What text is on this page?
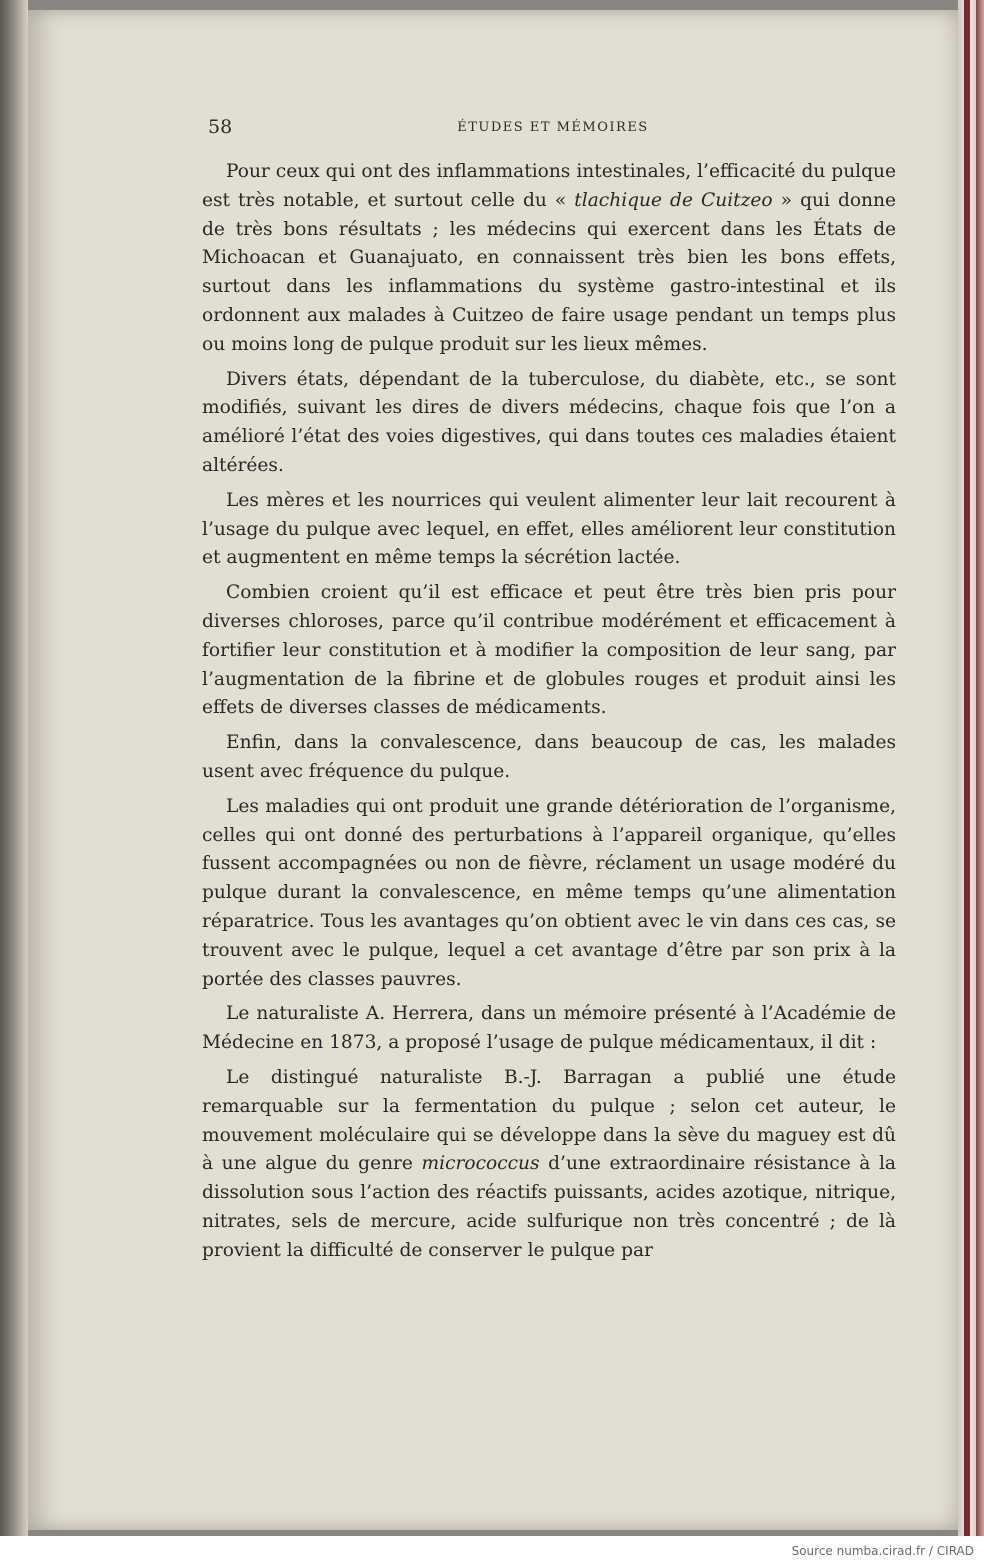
58	ÉTUDES ET MÉMOIRES

Pour ceux qui ont des inflammations intestinales, l’efficacité du pulque est très notable, et surtout celle du « tlachique de Cuitzeo » qui donne de très bons résultats ; les médecins qui exercent dans les États de Michoacan et Guanajuato, en connaissent très bien les bons effets, surtout dans les inflammations du système gastro-intestinal et ils ordonnent aux malades à Cuitzeo de faire usage pendant un temps plus ou moins long de pulque produit sur les lieux mêmes.

Divers états, dépendant de la tuberculose, du diabète, etc., se sont modifiés, suivant les dires de divers médecins, chaque fois que l’on a amélioré l’état des voies digestives, qui dans toutes ces maladies étaient altérées.

Les mères et les nourrices qui veulent alimenter leur lait recourent à l’usage du pulque avec lequel, en effet, elles améliorent leur constitution et augmentent en même temps la sécrétion lactée.

Combien croient qu’il est efficace et peut être très bien pris pour diverses chloroses, parce qu’il contribue modérément et efficacement à fortifier leur constitution et à modifier la composition de leur sang, par l’augmentation de la fibrine et de globules rouges et produit ainsi les effets de diverses classes de médicaments.

Enfin, dans la convalescence, dans beaucoup de cas, les malades usent avec fréquence du pulque.

Les maladies qui ont produit une grande détérioration de l’organisme, celles qui ont donné des perturbations à l’appareil organique, qu’elles fussent accompagnées ou non de fièvre, réclament un usage modéré du pulque durant la convalescence, en même temps qu’une alimentation réparatrice. Tous les avantages qu’on obtient avec le vin dans ces cas, se trouvent avec le pulque, lequel a cet avantage d’être par son prix à la portée des classes pauvres.

Le naturaliste A. Herrera, dans un mémoire présenté à l’Académie de Médecine en 1873, a proposé l’usage de pulque médicamentaux, il dit :

Le distingué naturaliste B.-J. Barragan a publié une étude remarquable sur la fermentation du pulque ; selon cet auteur, le mouvement moléculaire qui se développe dans la sève du maguey est dû à une algue du genre micrococcus d’une extraordinaire résistance à la dissolution sous l’action des réactifs puissants, acides azotique, nitrique, nitrates, sels de mercure, acide sulfurique non très concentré ; de là provient la difficulté de conserver le pulque par

Source numba.cirad.fr / CIRAD
